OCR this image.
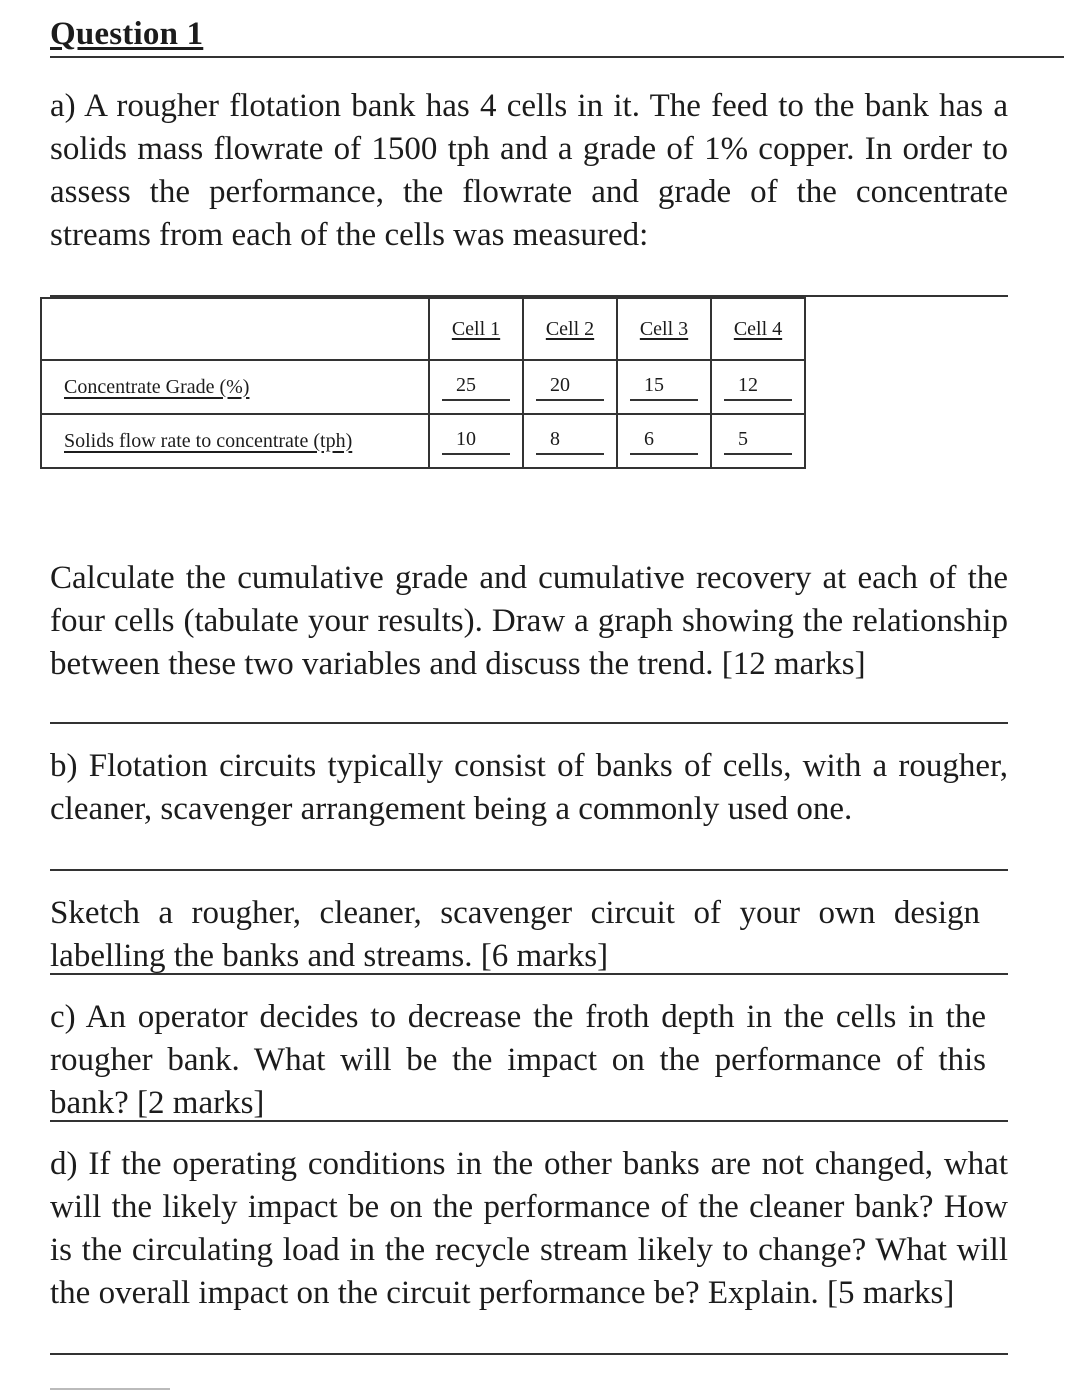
Question 1
a) A rougher flotation bank has 4 cells in it. The feed to the bank has a solids mass flowrate of 1500 tph and a grade of 1% copper. In order to assess the performance, the flowrate and grade of the concentrate streams from each of the cells was measured:
	Cell 1	Cell 2	Cell 3	Cell 4
Concentrate Grade (%)	25	20	15	12
Solids flow rate to concentrate (tph)	10	8	6	5
Calculate the cumulative grade and cumulative recovery at each of the four cells (tabulate your results). Draw a graph showing the relationship between these two variables and discuss the trend. [12 marks]
b) Flotation circuits typically consist of banks of cells, with a rougher, cleaner, scavenger arrangement being a commonly used one.
Sketch a rougher, cleaner, scavenger circuit of your own design labelling the banks and streams. [6 marks]
c) An operator decides to decrease the froth depth in the cells in the rougher bank. What will be the impact on the performance of this bank? [2 marks]
d) If the operating conditions in the other banks are not changed, what will the likely impact be on the performance of the cleaner bank? How is the circulating load in the recycle stream likely to change? What will the overall impact on the circuit performance be? Explain. [5 marks]
